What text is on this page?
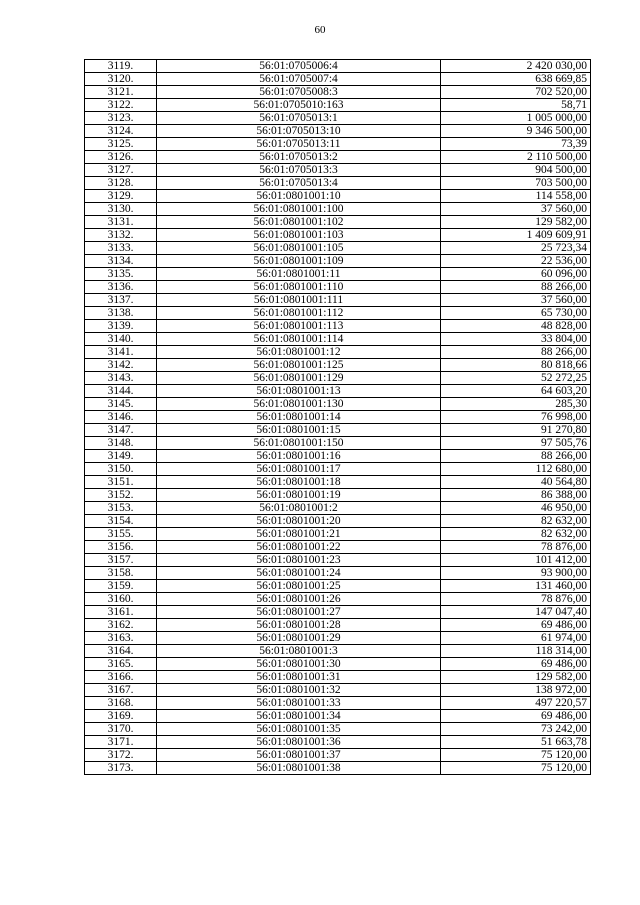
60
3119.	56:01:0705006:4	2 420 030,00
3120.	56:01:0705007:4	638 669,85
3121.	56:01:0705008:3	702 520,00
3122.	56:01:0705010:163	58,71
3123.	56:01:0705013:1	1 005 000,00
3124.	56:01:0705013:10	9 346 500,00
3125.	56:01:0705013:11	73,39
3126.	56:01:0705013:2	2 110 500,00
3127.	56:01:0705013:3	904 500,00
3128.	56:01:0705013:4	703 500,00
3129.	56:01:0801001:10	114 558,00
3130.	56:01:0801001:100	37 560,00
3131.	56:01:0801001:102	129 582,00
3132.	56:01:0801001:103	1 409 609,91
3133.	56:01:0801001:105	25 723,34
3134.	56:01:0801001:109	22 536,00
3135.	56:01:0801001:11	60 096,00
3136.	56:01:0801001:110	88 266,00
3137.	56:01:0801001:111	37 560,00
3138.	56:01:0801001:112	65 730,00
3139.	56:01:0801001:113	48 828,00
3140.	56:01:0801001:114	33 804,00
3141.	56:01:0801001:12	88 266,00
3142.	56:01:0801001:125	80 818,66
3143.	56:01:0801001:129	52 272,25
3144.	56:01:0801001:13	64 603,20
3145.	56:01:0801001:130	285,30
3146.	56:01:0801001:14	76 998,00
3147.	56:01:0801001:15	91 270,80
3148.	56:01:0801001:150	97 505,76
3149.	56:01:0801001:16	88 266,00
3150.	56:01:0801001:17	112 680,00
3151.	56:01:0801001:18	40 564,80
3152.	56:01:0801001:19	86 388,00
3153.	56:01:0801001:2	46 950,00
3154.	56:01:0801001:20	82 632,00
3155.	56:01:0801001:21	82 632,00
3156.	56:01:0801001:22	78 876,00
3157.	56:01:0801001:23	101 412,00
3158.	56:01:0801001:24	93 900,00
3159.	56:01:0801001:25	131 460,00
3160.	56:01:0801001:26	78 876,00
3161.	56:01:0801001:27	147 047,40
3162.	56:01:0801001:28	69 486,00
3163.	56:01:0801001:29	61 974,00
3164.	56:01:0801001:3	118 314,00
3165.	56:01:0801001:30	69 486,00
3166.	56:01:0801001:31	129 582,00
3167.	56:01:0801001:32	138 972,00
3168.	56:01:0801001:33	497 220,57
3169.	56:01:0801001:34	69 486,00
3170.	56:01:0801001:35	73 242,00
3171.	56:01:0801001:36	51 663,78
3172.	56:01:0801001:37	75 120,00
3173.	56:01:0801001:38	75 120,00
